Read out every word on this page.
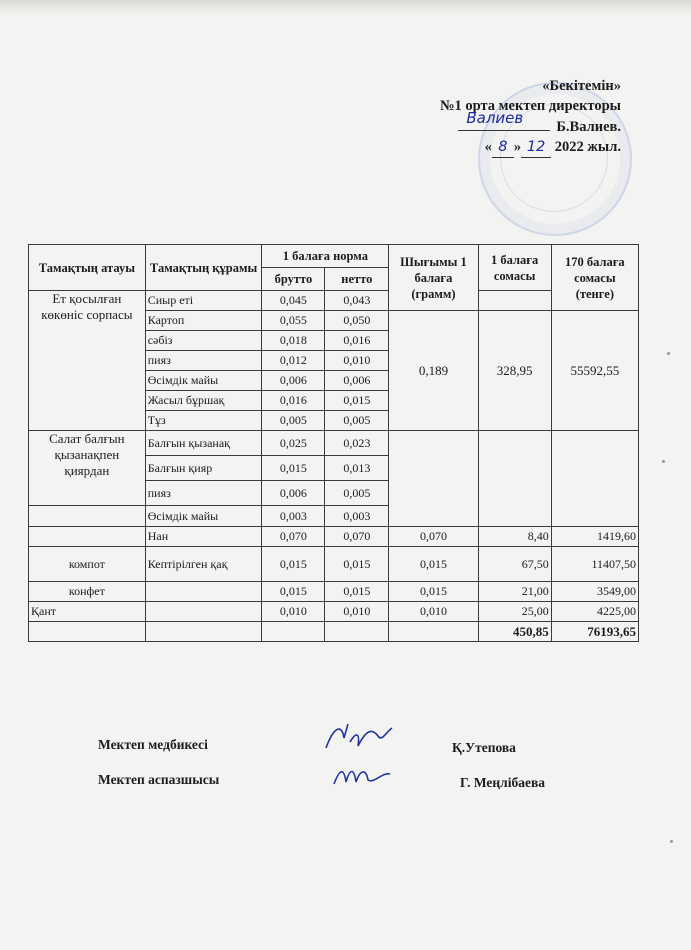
«Бекітемін»
№1 орта мектеп директоры
Валиев Б.Валиев.
« 8 » 12 2022 жыл.
Тамақтың атауы	Тамақтың құрамы	1 балаға норма		Шығымы 1 балаға (грамм)	1 балаға сомасы	170 балаға сомасы (тенге)
		брутто	нетто			
Ет қосылған көкөніс сорпасы	Сиыр еті	0,045	0,043			
	Картоп	0,055	0,050	0,189	328,95	55592,55
	сәбіз	0,018	0,016			
	пияз	0,012	0,010			
	Өсімдік майы	0,006	0,006			
	Жасыл бұршақ	0,016	0,015			
	Тұз	0,005	0,005			
Салат балғын қызанақпен қиярдан	Балғын қызанақ	0,025	0,023			
	Балғын қияр	0,015	0,013			
	пияз	0,006	0,005			
	Өсімдік майы	0,003	0,003			
	Нан	0,070	0,070	0,070	8,40	1419,60
компот	Кептірілген қақ	0,015	0,015	0,015	67,50	11407,50
конфет		0,015	0,015	0,015	21,00	3549,00
Қант		0,010	0,010	0,010	25,00	4225,00
					450,85	76193,65
Мектеп медбикесі	Қ.Утепова
Мектеп аспазшысы	Г. Меңлібаева
